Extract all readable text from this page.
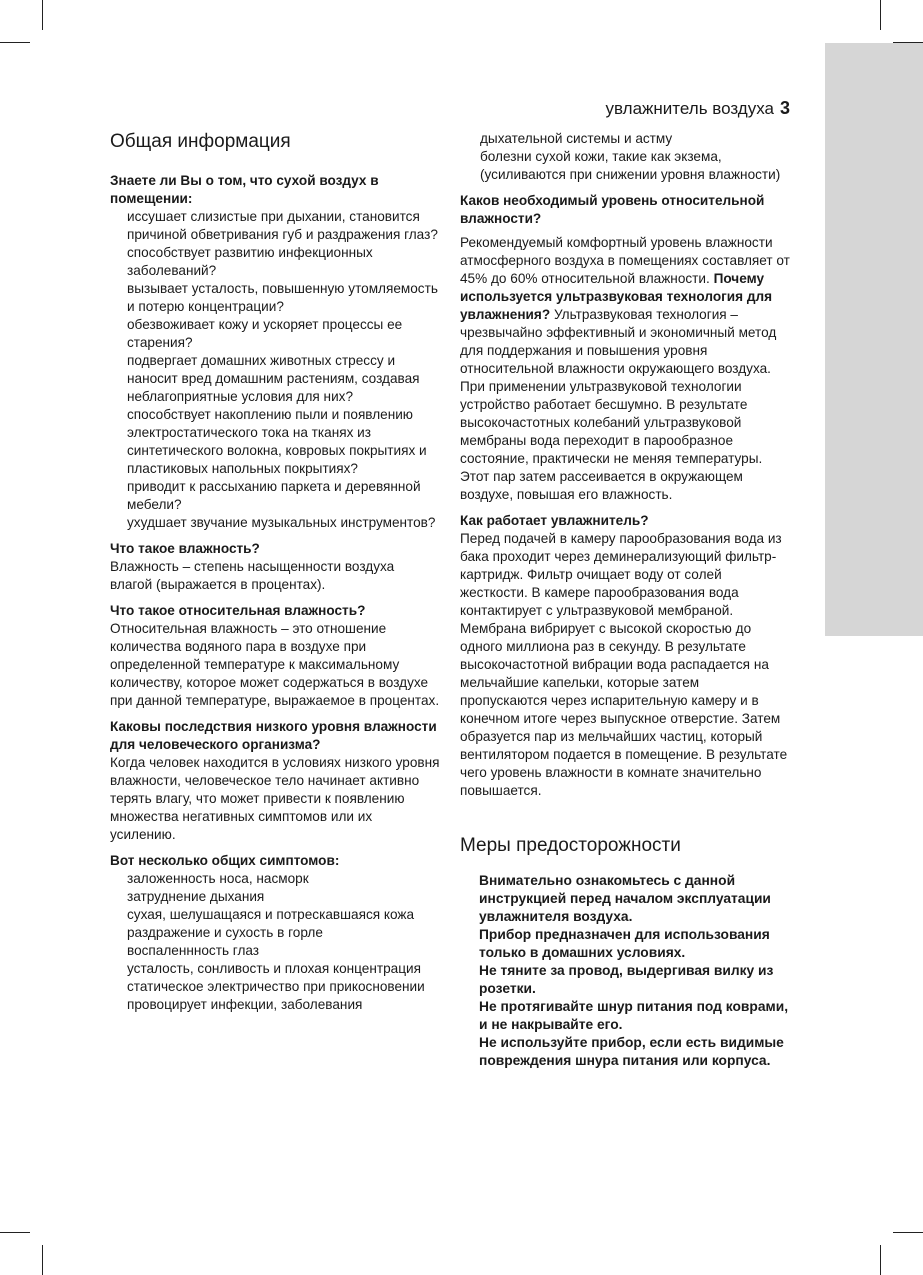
увлажнитель воздуха 3
Общая информация
Знаете ли Вы о том, что сухой воздух в помещении:
иссушает слизистые при дыхании, становится причиной обветривания губ и раздражения глаз?
способствует развитию инфекционных заболеваний?
вызывает усталость, повышенную утомляемость и потерю концентрации?
обезвоживает кожу и ускоряет процессы ее старения?
подвергает домашних животных стрессу и наносит вред домашним растениям, создавая неблагоприятные условия для них?
способствует накоплению пыли и появлению электростатического тока на тканях из синтетического волокна, ковровых покрытиях и пластиковых напольных покрытиях?
приводит к рассыханию паркета и деревянной мебели?
ухудшает звучание музыкальных инструментов?
Что такое влажность?
Влажность – степень насыщенности воздуха влагой (выражается в процентах).
Что такое относительная влажность?
Относительная влажность – это отношение количества водяного пара в воздухе при определенной температуре к максимальному количеству, которое может содержаться в воздухе при данной температуре, выражаемое в процентах.
Каковы последствия низкого уровня влажности для человеческого организма?
Когда человек находится в условиях низкого уровня влажности, человеческое тело начинает активно терять влагу, что может привести к появлению множества негативных симптомов или их усилению.
Вот несколько общих симптомов:
заложенность носа, насморк
затруднение дыхания
сухая, шелушащаяся и потрескавшаяся кожа
раздражение и сухость в горле
воспаленнность глаз
усталость, сонливость и плохая концентрация
статическое электричество при прикосновении
провоцирует инфекции, заболевания
дыхательной системы и астму
болезни сухой кожи, такие как экзема, (усиливаются при снижении уровня влажности)
Каков необходимый уровень относительной влажности?
Рекомендуемый комфортный уровень влажности атмосферного воздуха в помещениях составляет от 45% до 60% относительной влажности. Почему используется ультразвуковая технология для увлажнения? Ультразвуковая технология – чрезвычайно эффективный и экономичный метод для поддержания и повышения уровня относительной влажности окружающего воздуха. При применении ультразвуковой технологии устройство работает бесшумно. В результате высокочастотных колебаний ультразвуковой мембраны вода переходит в парообразное состояние, практически не меняя температуры. Этот пар затем рассеивается в окружающем воздухе, повышая его влажность.
Как работает увлажнитель?
Перед подачей в камеру парообразования вода из бака проходит через деминерализующий фильтр-картридж. Фильтр очищает воду от солей жесткости. В камере парообразования вода контактирует с ультразвуковой мембраной. Мембрана вибрирует с высокой скоростью до одного миллиона раз в секунду. В результате высокочастотной вибрации вода распадается на мельчайшие капельки, которые затем пропускаются через испарительную камеру и в конечном итоге через выпускное отверстие. Затем образуется пар из мельчайших частиц, который вентилятором подается в помещение. В результате чего уровень влажности в комнате значительно повышается.
Меры предосторожности
Внимательно ознакомьтесь с данной инструкцией перед началом эксплуатации увлажнителя воздуха.
Прибор предназначен для использования только в домашних условиях.
Не тяните за провод, выдергивая вилку из розетки.
Не протягивайте шнур питания под коврами, и не накрывайте его.
Не используйте прибор, если есть видимые повреждения шнура питания или корпуса.
